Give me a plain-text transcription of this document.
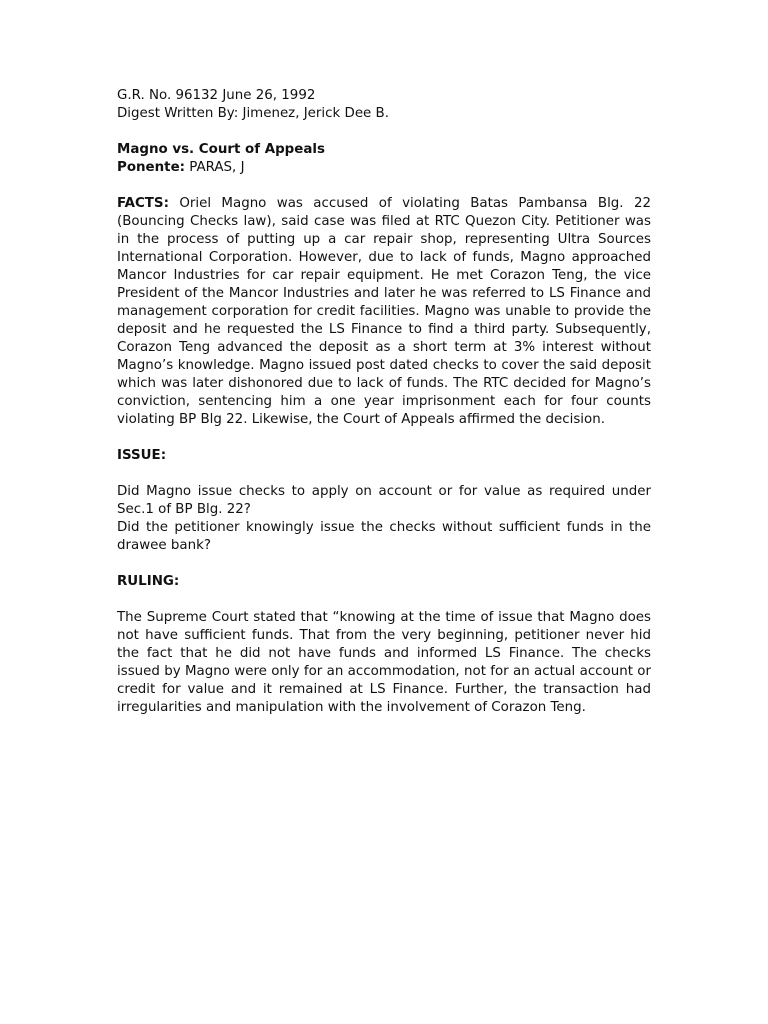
G.R. No. 96132 June 26, 1992

Digest Written By: Jimenez, Jerick Dee B.

Magno vs. Court of Appeals

Ponente: PARAS, J

FACTS: Oriel Magno was accused of violating Batas Pambansa Blg. 22 (Bouncing Checks law), said case was filed at RTC Quezon City. Petitioner was in the process of putting up a car repair shop, representing Ultra Sources International Corporation. However, due to lack of funds, Magno approached Mancor Industries for car repair equipment. He met Corazon Teng, the vice President of the Mancor Industries and later he was referred to LS Finance and management corporation for credit facilities. Magno was unable to provide the deposit and he requested the LS Finance to find a third party. Subsequently, Corazon Teng advanced the deposit as a short term at 3% interest without Magno’s knowledge. Magno issued post dated checks to cover the said deposit which was later dishonored due to lack of funds. The RTC decided for Magno’s conviction, sentencing him a one year imprisonment each for four counts violating BP Blg 22. Likewise, the Court of Appeals affirmed the decision.

ISSUE:

Did Magno issue checks to apply on account or for value as required under Sec.1 of BP Blg. 22?

Did the petitioner knowingly issue the checks without sufficient funds in the drawee bank?

RULING:

The Supreme Court stated that “knowing at the time of issue that Magno does not have sufficient funds. That from the very beginning, petitioner never hid the fact that he did not have funds and informed LS Finance. The checks issued by Magno were only for an accommodation, not for an actual account or credit for value and it remained at LS Finance. Further, the transaction had irregularities and manipulation with the involvement of Corazon Teng.
